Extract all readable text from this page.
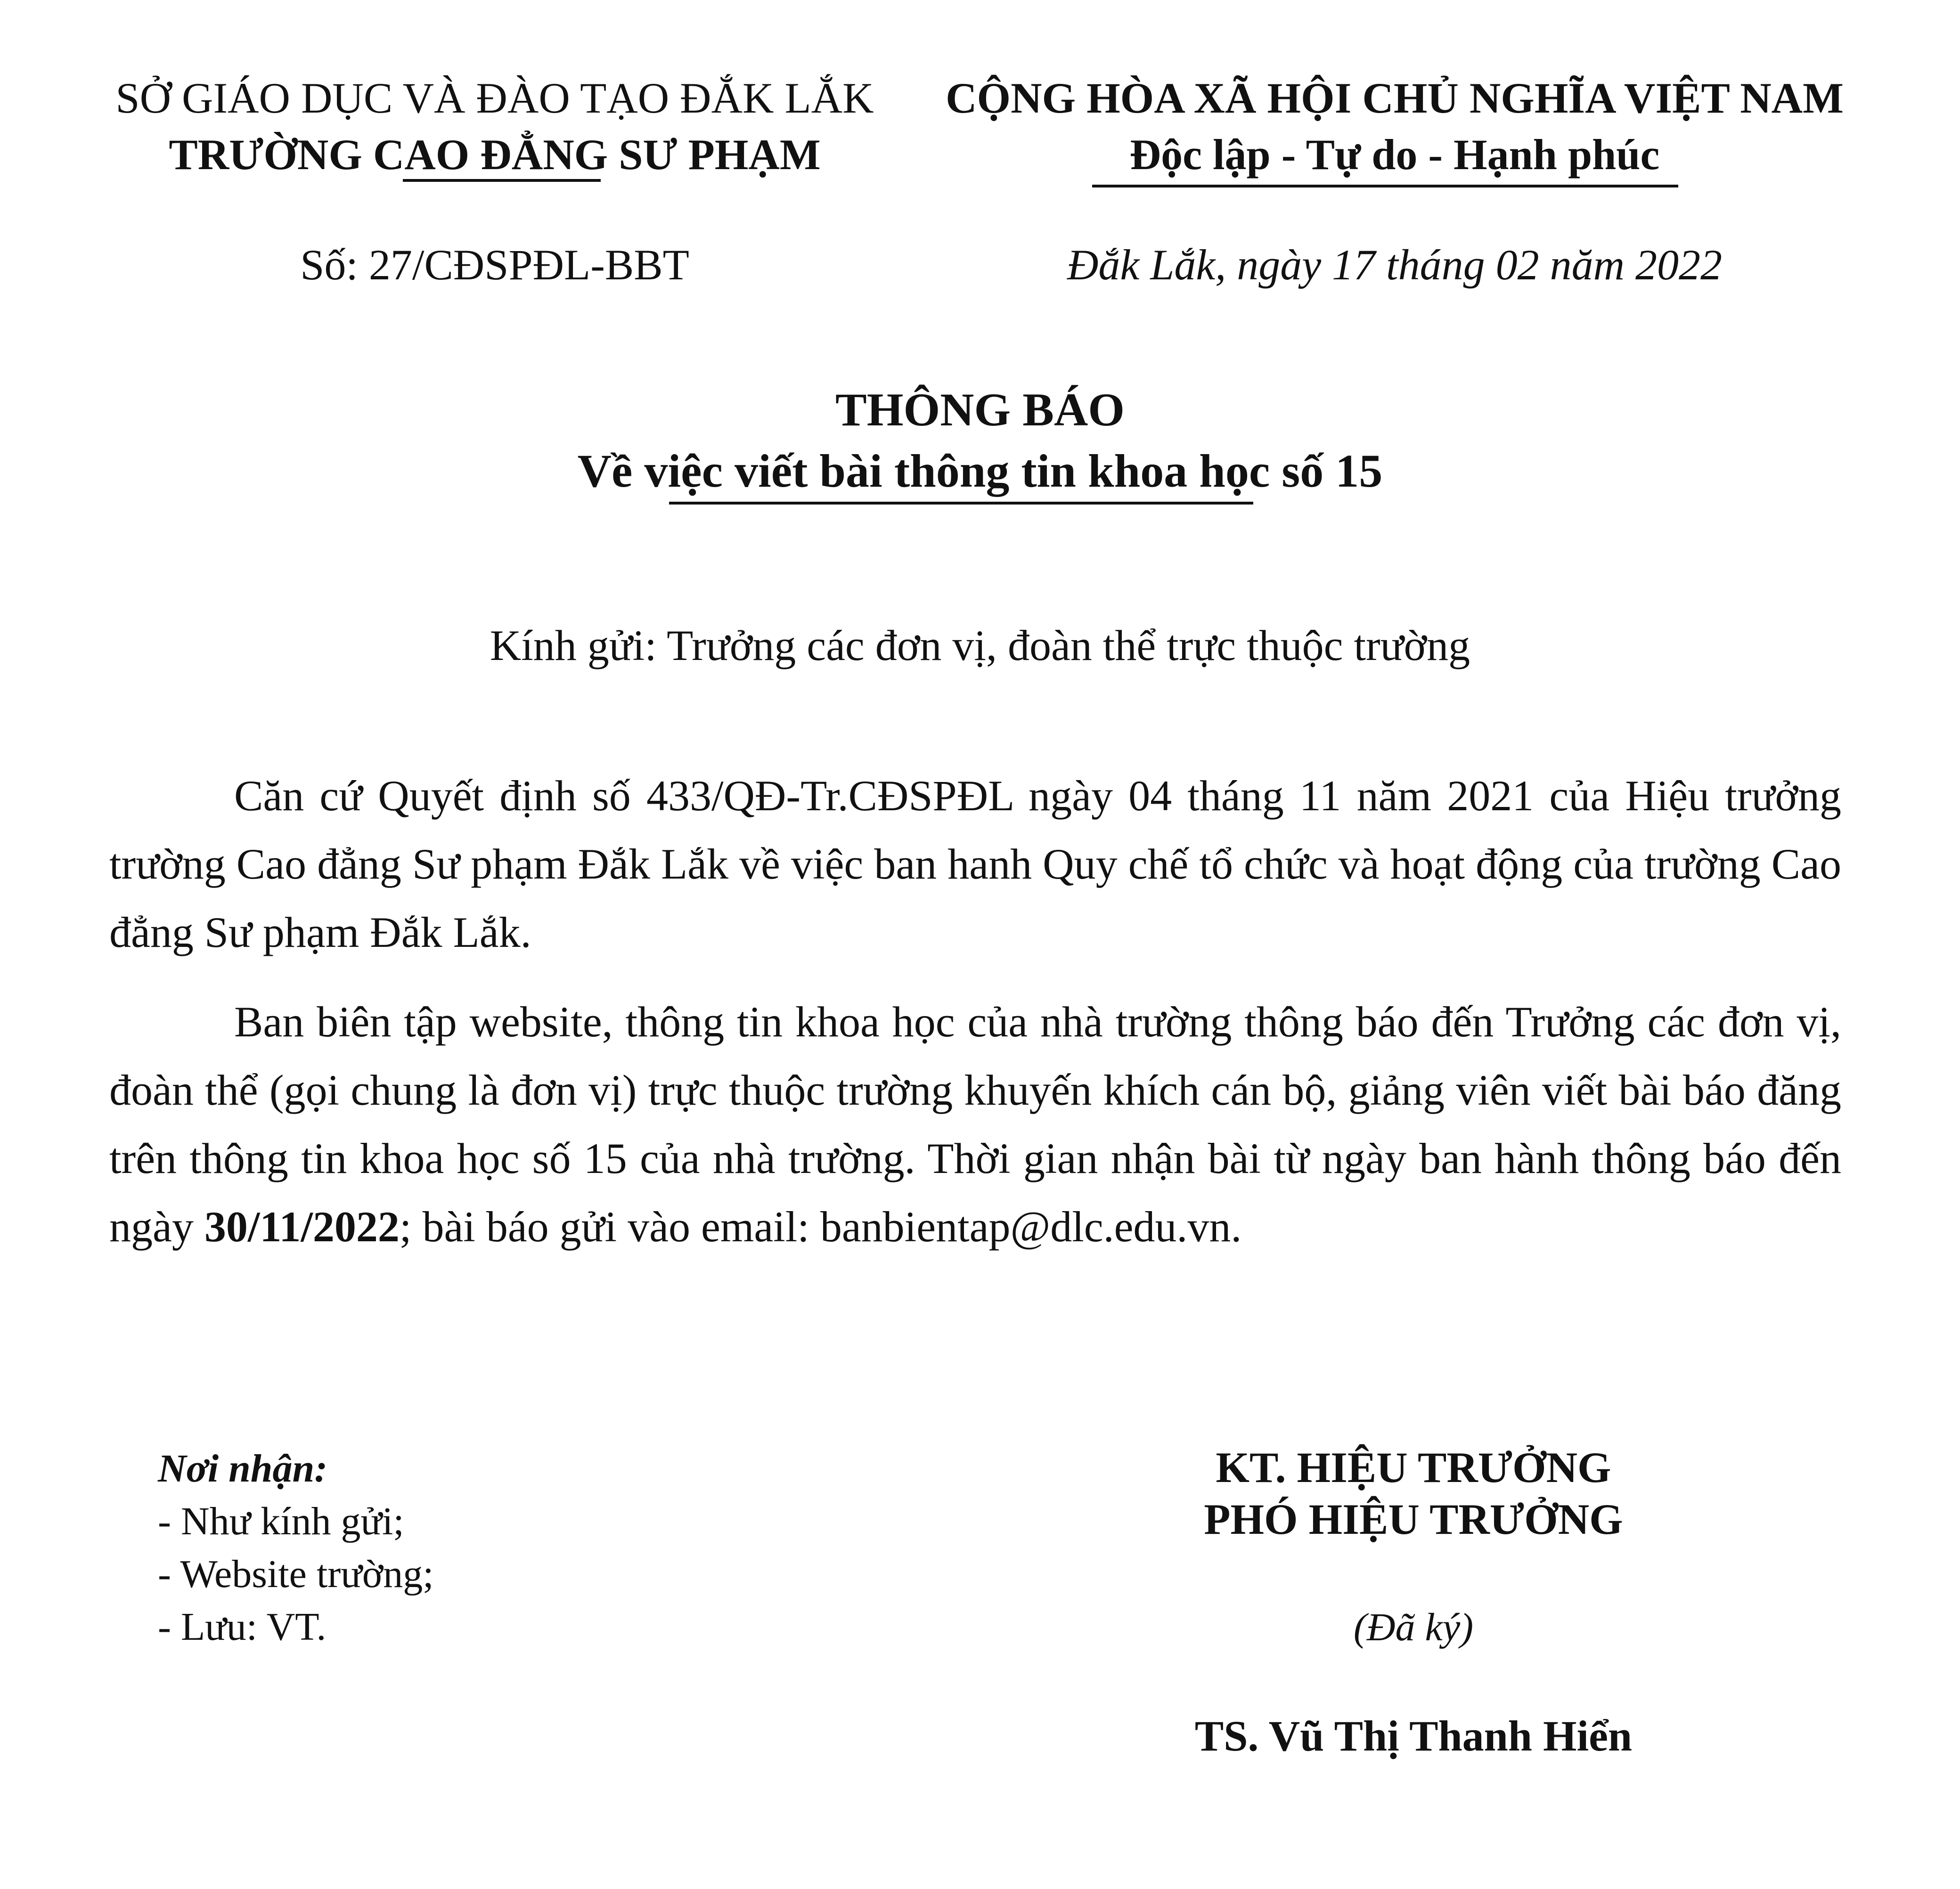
SỞ GIÁO DỤC VÀ ĐÀO TẠO ĐẮK LẮK
TRƯỜNG CAO ĐẲNG SƯ PHẠM
CỘNG HÒA XÃ HỘI CHỦ NGHĨA VIỆT NAM
Độc lập - Tự do - Hạnh phúc
Số: 27/CĐSPĐL-BBT	Đắk Lắk, ngày 17 tháng 02 năm 2022
THÔNG BÁO
Về việc viết bài thông tin khoa học số 15
Kính gửi: Trưởng các đơn vị, đoàn thể trực thuộc trường

Căn cứ Quyết định số 433/QĐ-Tr.CĐSPĐL ngày 04 tháng 11 năm 2021 của Hiệu trưởng trường Cao đẳng Sư phạm Đắk Lắk về việc ban hanh Quy chế tổ chức và hoạt động của trường Cao đẳng Sư phạm Đắk Lắk.

Ban biên tập website, thông tin khoa học của nhà trường thông báo đến Trưởng các đơn vị, đoàn thể (gọi chung là đơn vị) trực thuộc trường khuyến khích cán bộ, giảng viên viết bài báo đăng trên thông tin khoa học số 15 của nhà trường. Thời gian nhận bài từ ngày ban hành thông báo đến ngày 30/11/2022; bài báo gửi vào email: banbientap@dlc.edu.vn.

Nơi nhận:
- Như kính gửi;
- Website trường;
- Lưu: VT.
KT. HIỆU TRƯỞNG
PHÓ HIỆU TRƯỞNG
(Đã ký)
TS. Vũ Thị Thanh Hiển
